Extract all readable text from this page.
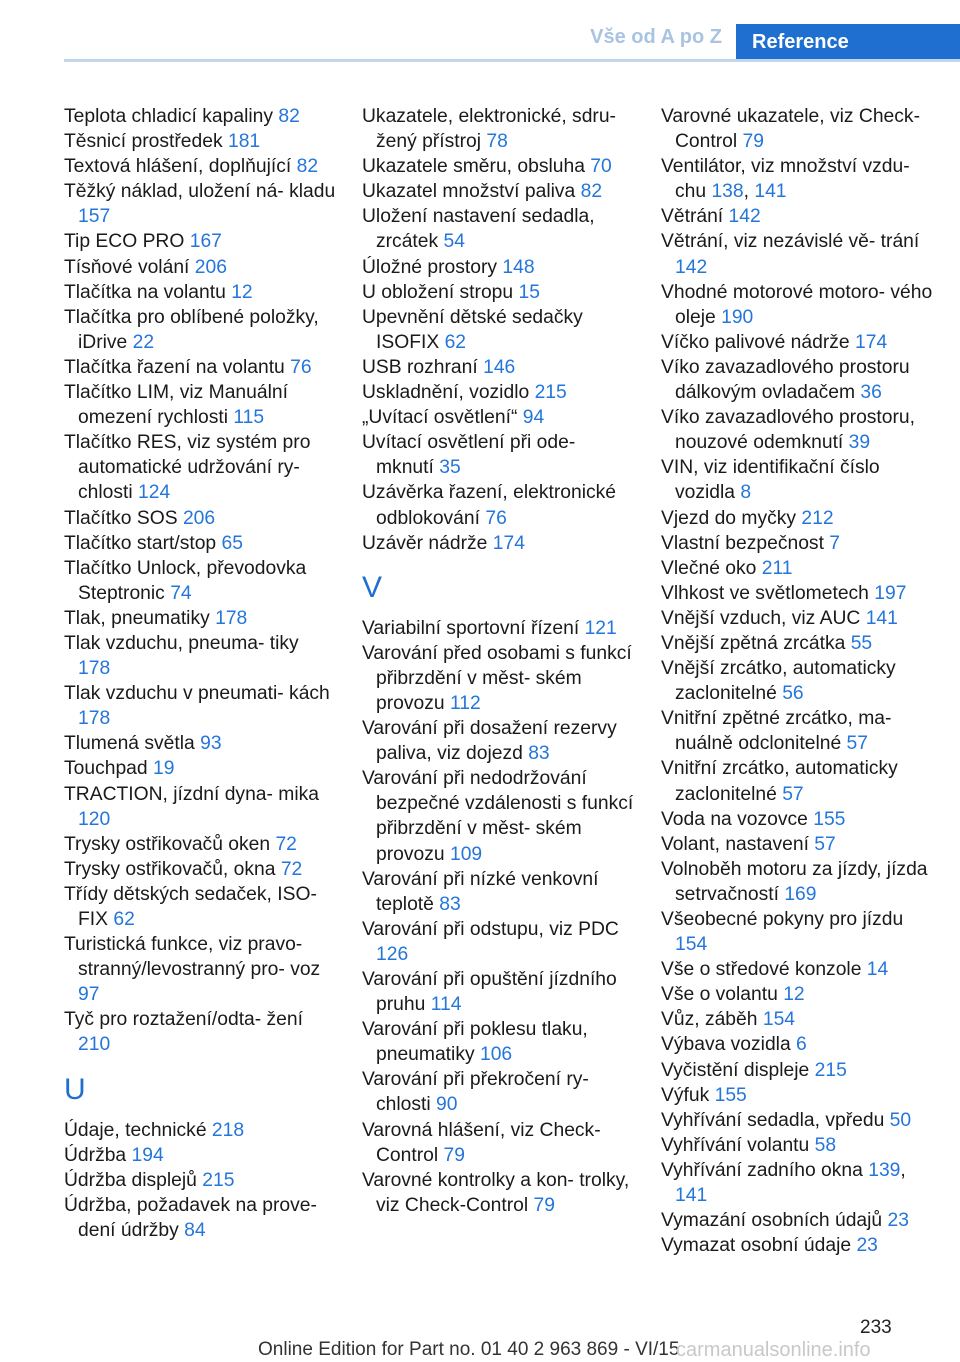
Vše od A po Z	Reference

Teplota chladicí kapaliny 82

Těsnicí prostředek 181

Textová hlášení, doplňující 82

Těžký náklad, uložení ná‐ kladu 157

Tip ECO PRO 167

Tísňové volání 206

Tlačítka na volantu 12

Tlačítka pro oblíbené položky, iDrive 22

Tlačítka řazení na volantu 76

Tlačítko LIM, viz Manuální omezení rychlosti 115

Tlačítko RES, viz systém pro automatické udržování ry‐ chlosti 124

Tlačítko SOS 206

Tlačítko start/stop 65

Tlačítko Unlock, převodovka Steptronic 74

Tlak, pneumatiky 178

Tlak vzduchu, pneuma‐ tiky 178

Tlak vzduchu v pneumati‐ kách 178

Tlumená světla 93

Touchpad 19

TRACTION, jízdní dyna‐ mika 120

Trysky ostřikovačů oken 72

Trysky ostřikovačů, okna 72

Třídy dětských sedaček, ISO‐ FIX 62

Turistická funkce, viz pravo‐ stranný/levostranný pro‐ voz 97

Tyč pro roztažení/odta‐ žení 210

U

Údaje, technické 218

Údržba 194

Údržba displejů 215

Údržba, požadavek na prove‐ dení údržby 84

Ukazatele, elektronické, sdru‐ žený přístroj 78

Ukazatele směru, obsluha 70

Ukazatel množství paliva 82

Uložení nastavení sedadla, zrcátek 54

Úložné prostory 148

U obložení stropu 15

Upevnění dětské sedačky ISOFIX 62

USB rozhraní 146

Uskladnění, vozidlo 215

„Uvítací osvětlení“ 94

Uvítací osvětlení při ode‐ mknutí 35

Uzávěrka řazení, elektronické odblokování 76

Uzávěr nádrže 174

V

Variabilní sportovní řízení 121

Varování před osobami s funkcí přibrzdění v měst‐ ském provozu 112

Varování při dosažení rezervy paliva, viz dojezd 83

Varování při nedodržování bezpečné vzdálenosti s funkcí přibrzdění v měst‐ ském provozu 109

Varování při nízké venkovní teplotě 83

Varování při odstupu, viz PDC 126

Varování při opuštění jízdního pruhu 114

Varování při poklesu tlaku, pneumatiky 106

Varování při překročení ry‐ chlosti 90

Varovná hlášení, viz Check- Control 79

Varovné kontrolky a kon‐ trolky, viz Check-Control 79

Varovné ukazatele, viz Check- Control 79

Ventilátor, viz množství vzdu‐ chu 138, 141

Větrání 142

Větrání, viz nezávislé vě‐ trání 142

Vhodné motorové motoro‐ vého oleje 190

Víčko palivové nádrže 174

Víko zavazadlového prostoru dálkovým ovladačem 36

Víko zavazadlového prostoru, nouzové odemknutí 39

VIN, viz identifikační číslo vozidla 8

Vjezd do myčky 212

Vlastní bezpečnost 7

Vlečné oko 211

Vlhkost ve světlometech 197

Vnější vzduch, viz AUC 141

Vnější zpětná zrcátka 55

Vnější zrcátko, automaticky zaclonitelné 56

Vnitřní zpětné zrcátko, ma‐ nuálně odclonitelné 57

Vnitřní zrcátko, automaticky zaclonitelné 57

Voda na vozovce 155

Volant, nastavení 57

Volnoběh motoru za jízdy, jízda setrvačností 169

Všeobecné pokyny pro jízdu 154

Vše o středové konzole 14

Vše o volantu 12

Vůz, záběh 154

Výbava vozidla 6

Vyčistění displeje 215

Výfuk 155

Vyhřívání sedadla, vpředu 50

Vyhřívání volantu 58

Vyhřívání zadního okna 139, 141

Vymazání osobních údajů 23

Vymazat osobní údaje 23

233
Online Edition for Part no. 01 40 2 963 869 - VI/15
carmanualsonline.info
